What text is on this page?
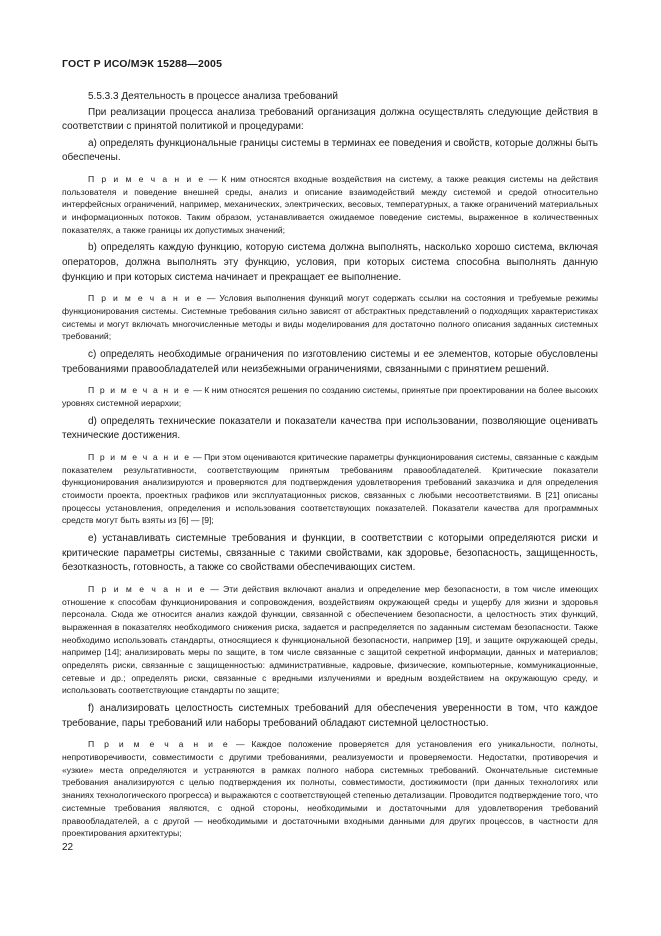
ГОСТ Р ИСО/МЭК 15288—2005

5.5.3.3 Деятельность в процессе анализа требований

При реализации процесса анализа требований организация должна осуществлять следующие действия в соответствии с принятой политикой и процедурами:

а) определять функциональные границы системы в терминах ее поведения и свойств, которые должны быть обеспечены.

П р и м е ч а н и е — К ним относятся входные воздействия на систему, а также реакция системы на действия пользователя и поведение внешней среды, анализ и описание взаимодействий между системой и средой относительно интерфейсных ограничений, например, механических, электрических, весовых, температурных, а также ограничений материальных и информационных потоков. Таким образом, устанавливается ожидаемое поведение системы, выраженное в количественных показателях, а также границы их допустимых значений;

b) определять каждую функцию, которую система должна выполнять, насколько хорошо система, включая операторов, должна выполнять эту функцию, условия, при которых система способна выполнять данную функцию и при которых система начинает и прекращает ее выполнение.

П р и м е ч а н и е — Условия выполнения функций могут содержать ссылки на состояния и требуемые режимы функционирования системы. Системные требования сильно зависят от абстрактных представлений о подходящих характеристиках системы и могут включать многочисленные методы и виды моделирования для достаточно полного описания заданных системных требований;

с) определять необходимые ограничения по изготовлению системы и ее элементов, которые обусловлены требованиями правообладателей или неизбежными ограничениями, связанными с принятием решений.

П р и м е ч а н и е — К ним относятся решения по созданию системы, принятые при проектировании на более высоких уровнях системной иерархии;

d) определять технические показатели и показатели качества при использовании, позволяющие оценивать технические достижения.

П р и м е ч а н и е — При этом оцениваются критические параметры функционирования системы, связанные с каждым показателем результативности, соответствующим принятым требованиям правообладателей. Критические показатели функционирования анализируются и проверяются для подтверждения удовлетворения требований заказчика и для определения стоимости проекта, проектных графиков или эксплуатационных рисков, связанных с любыми несоответствиями. В [21] описаны процессы установления, определения и использования соответствующих показателей. Показатели качества для программных средств могут быть взяты из [6] — [9];

е) устанавливать системные требования и функции, в соответствии с которыми определяются риски и критические параметры системы, связанные с такими свойствами, как здоровье, безопасность, защищенность, безотказность, готовность, а также со свойствами обеспечивающих систем.

П р и м е ч а н и е — Эти действия включают анализ и определение мер безопасности, в том числе имеющих отношение к способам функционирования и сопровождения, воздействиям окружающей среды и ущербу для жизни и здоровья персонала. Сюда же относится анализ каждой функции, связанной с обеспечением безопасности, а целостность этих функций, выраженная в показателях необходимого снижения риска, задается и распределяется по заданным системам безопасности. Также необходимо использовать стандарты, относящиеся к функциональной безопасности, например [19], и защите окружающей среды, например [14]; анализировать меры по защите, в том числе связанные с защитой секретной информации, данных и материалов; определять риски, связанные с защищенностью: административные, кадровые, физические, компьютерные, коммуникационные, сетевые и др.; определять риски, связанные с вредными излучениями и вредным воздействием на окружающую среду, и использовать соответствующие стандарты по защите;

f) анализировать целостность системных требований для обеспечения уверенности в том, что каждое требование, пары требований или наборы требований обладают системной целостностью.

П р и м е ч а н и е — Каждое положение проверяется для установления его уникальности, полноты, непротиворечивости, совместимости с другими требованиями, реализуемости и проверяемости. Недостатки, противоречия и «узкие» места определяются и устраняются в рамках полного набора системных требований. Окончательные системные требования анализируются с целью подтверждения их полноты, совместимости, достижимости (при данных технологиях или знаниях технологического прогресса) и выражаются с соответствующей степенью детализации. Проводится подтверждение того, что системные требования являются, с одной стороны, необходимыми и достаточными для удовлетворения требований правообладателей, а с другой — необходимыми и достаточными входными данными для других процессов, в частности для проектирования архитектуры;

22
